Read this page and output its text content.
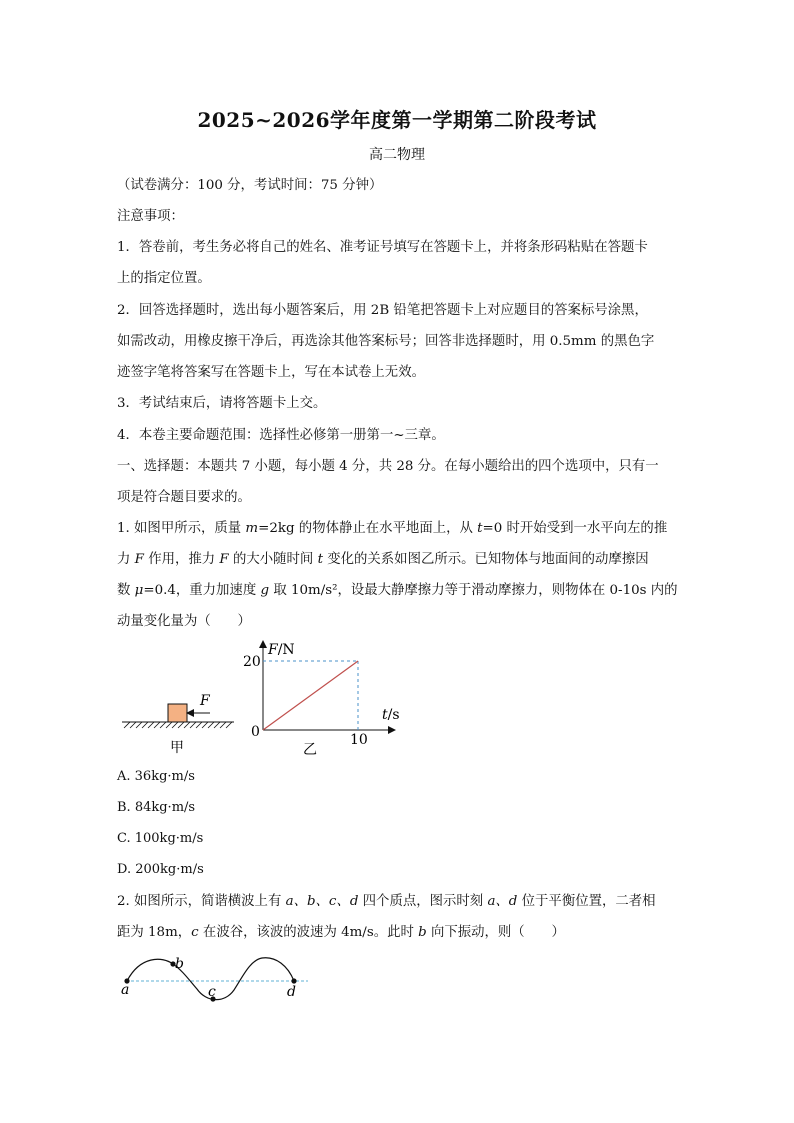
2025~2026学年度第一学期第二阶段考试
高二物理
（试卷满分：100 分，考试时间：75 分钟）
注意事项：
1．答卷前，考生务必将自己的姓名、准考证号填写在答题卡上，并将条形码粘贴在答题卡
上的指定位置。
2．回答选择题时，选出每小题答案后，用 2B 铅笔把答题卡上对应题目的答案标号涂黑，
如需改动，用橡皮擦干净后，再选涂其他答案标号；回答非选择题时，用 0.5mm 的黑色字
迹签字笔将答案写在答题卡上，写在本试卷上无效。
3．考试结束后，请将答题卡上交。
4．本卷主要命题范围：选择性必修第一册第一~三章。
一、选择题：本题共 7 小题，每小题 4 分，共 28 分。在每小题给出的四个选项中，只有一
项是符合题目要求的。
1. 如图甲所示，质量 m=2kg 的物体静止在水平地面上，从 t=0 时开始受到一水平向左的推
力 F 作用，推力 F 的大小随时间 t 变化的关系如图乙所示。已知物体与地面间的动摩擦因
数 μ=0.4，重力加速度 g 取 10m/s²，设最大静摩擦力等于滑动摩擦力，则物体在 0-10s 内的
动量变化量为（　　）
F
甲
F/N
t/s
0
20
10
乙
A. 36kg·m/s
B. 84kg·m/s
C. 100kg·m/s
D. 200kg·m/s
2. 如图所示，简谐横波上有 a、b、c、d 四个质点，图示时刻 a、d 位于平衡位置，二者相
距为 18m，c 在波谷，该波的波速为 4m/s。此时 b 向下振动，则（　　）
a
b
c	d
